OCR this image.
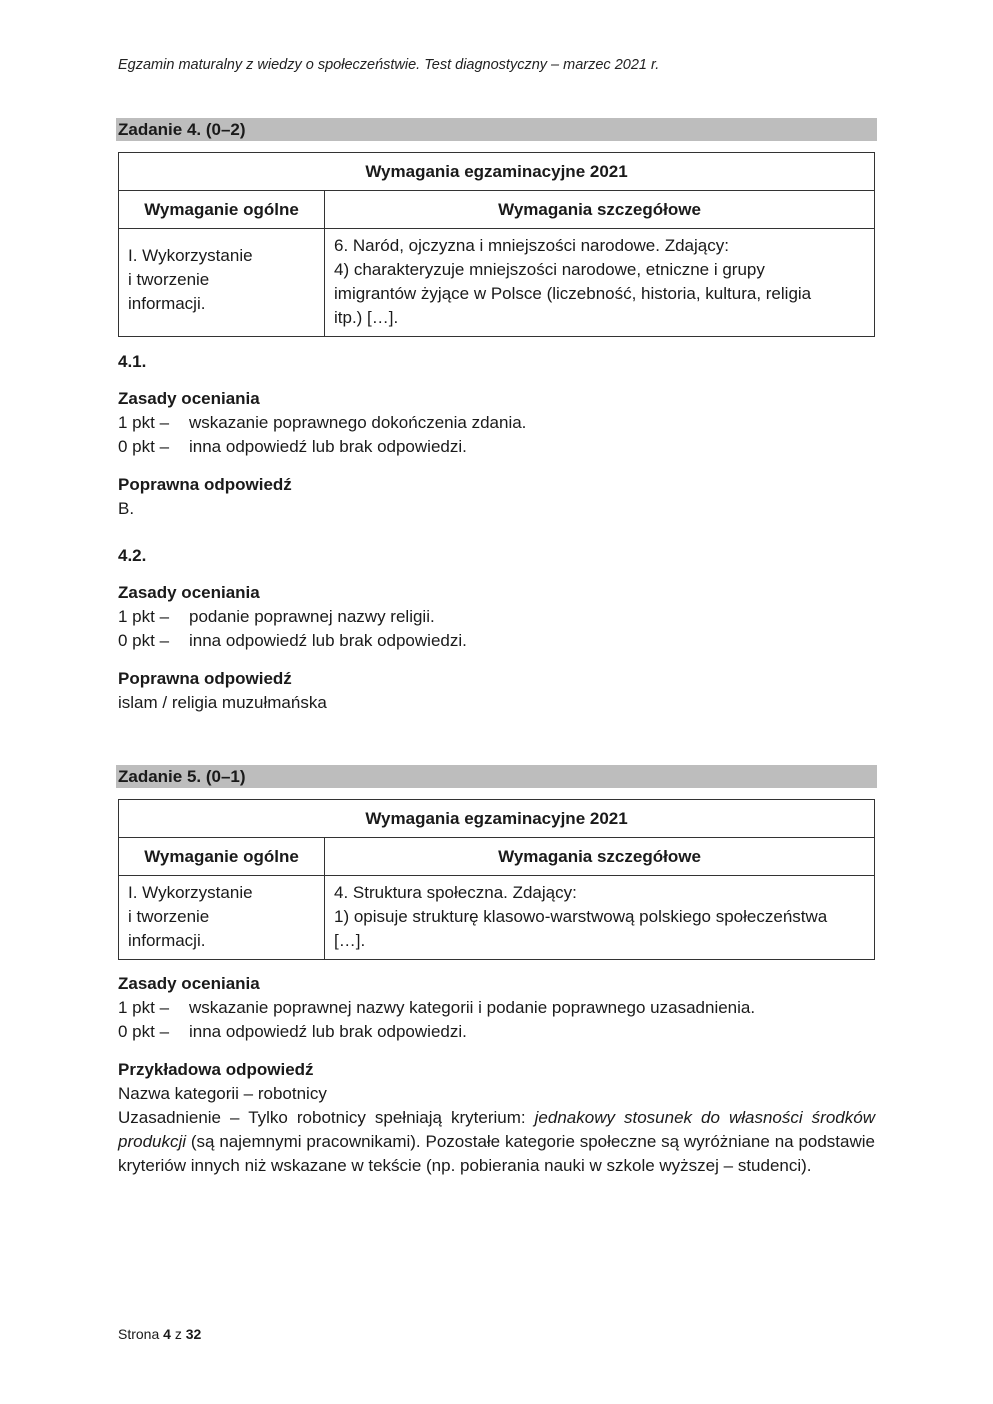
Egzamin maturalny z wiedzy o społeczeństwie. Test diagnostyczny – marzec 2021 r.
Zadanie 4. (0–2)
Wymagania egzaminacyjne 2021	
Wymaganie ogólne	Wymagania szczegółowe

I. Wykorzystanie
i tworzenie
informacji.	6. Naród, ojczyzna i mniejszości narodowe. Zdający:
4) charakteryzuje mniejszości narodowe, etniczne i grupy
imigrantów żyjące w Polsce (liczebność, historia, kultura, religia
itp.) […].
4.1.
Zasady oceniania
1 pkt –	wskazanie poprawnego dokończenia zdania.
0 pkt –	inna odpowiedź lub brak odpowiedzi.
Poprawna odpowiedź
B.
4.2.
Zasady oceniania
1 pkt –	podanie poprawnej nazwy religii.
0 pkt –	inna odpowiedź lub brak odpowiedzi.
Poprawna odpowiedź
islam / religia muzułmańska
Zadanie 5. (0–1)
Wymagania egzaminacyjne 2021	
Wymaganie ogólne	Wymagania szczegółowe

I. Wykorzystanie
i tworzenie
informacji.	4. Struktura społeczna. Zdający:
1) opisuje strukturę klasowo-warstwową polskiego społeczeństwa
[…].
Zasady oceniania
1 pkt –	wskazanie poprawnej nazwy kategorii i podanie poprawnego uzasadnienia.
0 pkt –	inna odpowiedź lub brak odpowiedzi.
Przykładowa odpowiedź
Nazwa kategorii – robotnicy
Uzasadnienie – Tylko robotnicy spełniają kryterium: jednakowy stosunek do własności środków produkcji (są najemnymi pracownikami). Pozostałe kategorie społeczne są wyróżniane na podstawie kryteriów innych niż wskazane w tekście (np. pobierania nauki w szkole wyższej – studenci).
Strona 4 z 32
